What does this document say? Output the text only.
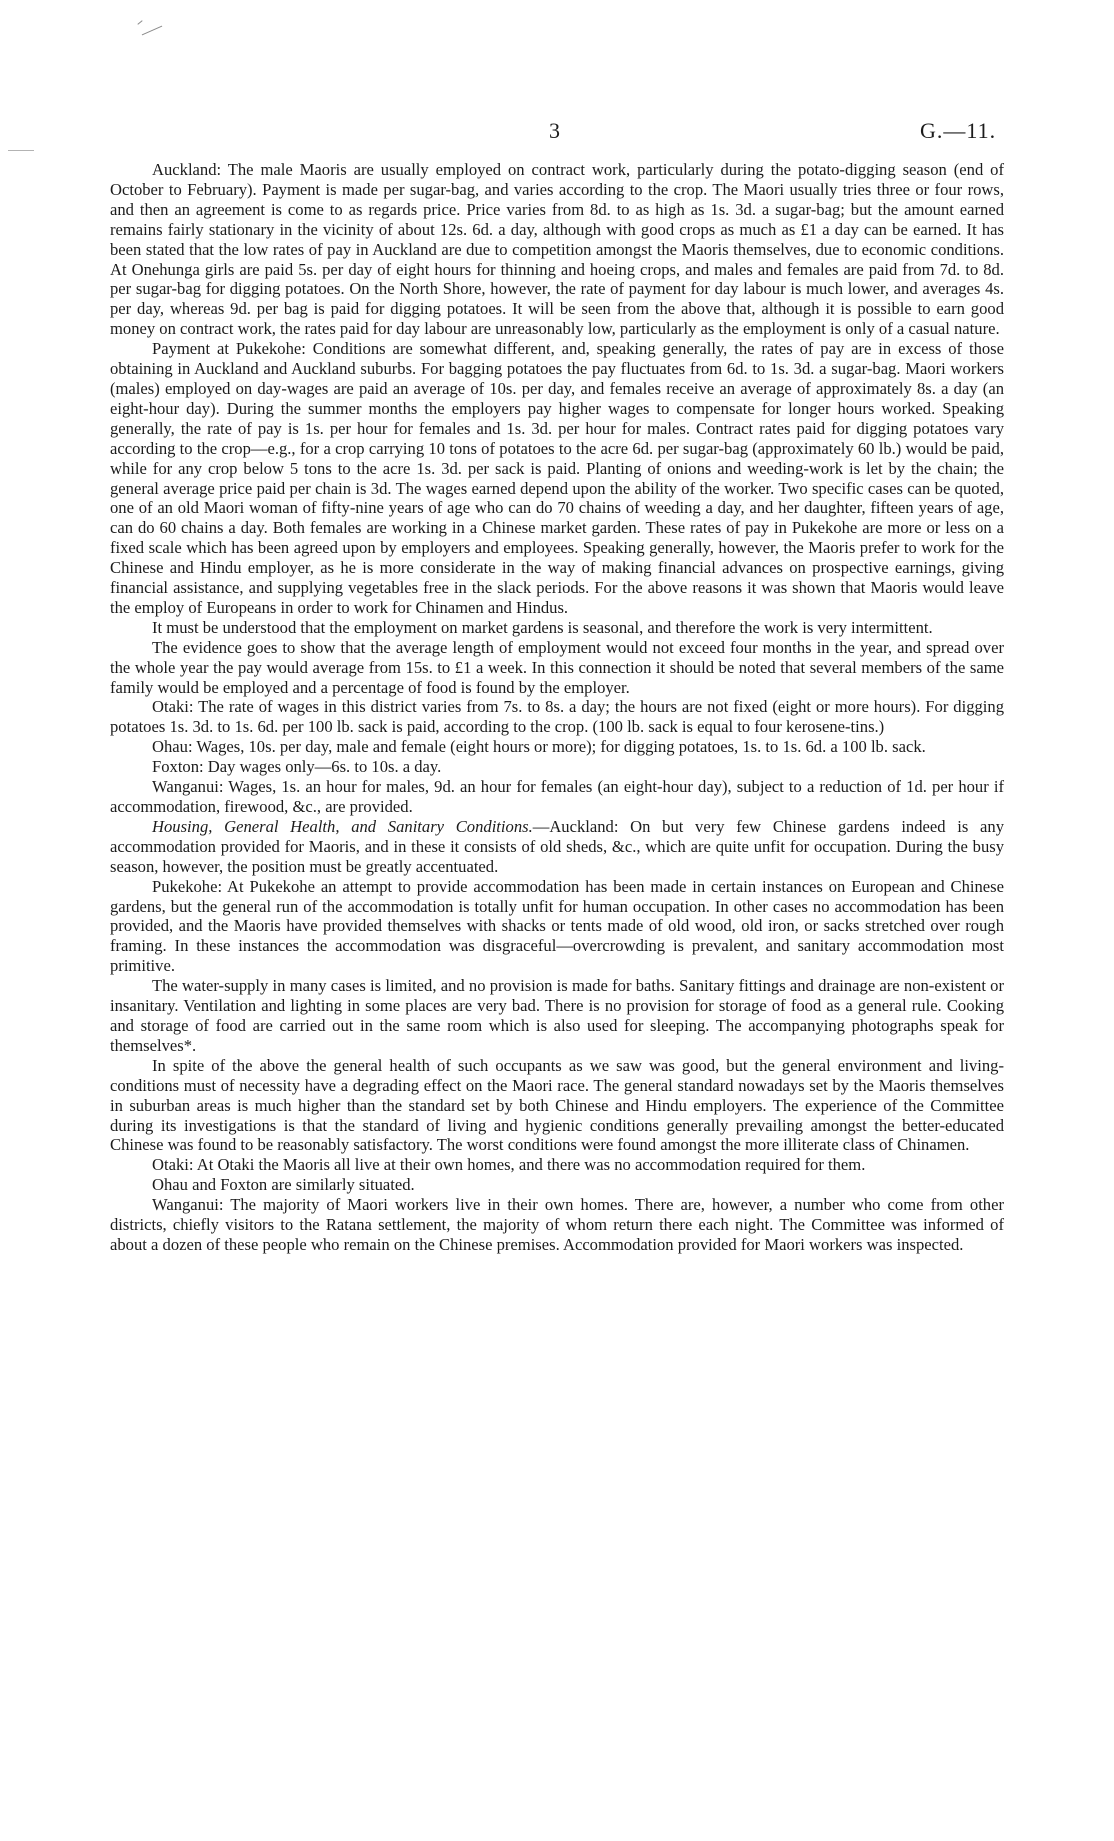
3	G.—11.

Auckland: The male Maoris are usually employed on contract work, particularly during the potato-digging season (end of October to February). Payment is made per sugar-bag, and varies according to the crop. The Maori usually tries three or four rows, and then an agreement is come to as regards price. Price varies from 8d. to as high as 1s. 3d. a sugar-bag; but the amount earned remains fairly stationary in the vicinity of about 12s. 6d. a day, although with good crops as much as £1 a day can be earned. It has been stated that the low rates of pay in Auckland are due to competition amongst the Maoris themselves, due to economic conditions. At Onehunga girls are paid 5s. per day of eight hours for thinning and hoeing crops, and males and females are paid from 7d. to 8d. per sugar-bag for digging potatoes. On the North Shore, however, the rate of payment for day labour is much lower, and averages 4s. per day, whereas 9d. per bag is paid for digging potatoes. It will be seen from the above that, although it is possible to earn good money on contract work, the rates paid for day labour are unreasonably low, particularly as the employment is only of a casual nature.

Payment at Pukekohe: Conditions are somewhat different, and, speaking generally, the rates of pay are in excess of those obtaining in Auckland and Auckland suburbs. For bagging potatoes the pay fluctuates from 6d. to 1s. 3d. a sugar-bag. Maori workers (males) employed on day-wages are paid an average of 10s. per day, and females receive an average of approximately 8s. a day (an eight-hour day). During the summer months the employers pay higher wages to compensate for longer hours worked. Speaking generally, the rate of pay is 1s. per hour for females and 1s. 3d. per hour for males. Contract rates paid for digging potatoes vary according to the crop—e.g., for a crop carrying 10 tons of potatoes to the acre 6d. per sugar-bag (approximately 60 lb.) would be paid, while for any crop below 5 tons to the acre 1s. 3d. per sack is paid. Planting of onions and weeding-work is let by the chain; the general average price paid per chain is 3d. The wages earned depend upon the ability of the worker. Two specific cases can be quoted, one of an old Maori woman of fifty-nine years of age who can do 70 chains of weeding a day, and her daughter, fifteen years of age, can do 60 chains a day. Both females are working in a Chinese market garden. These rates of pay in Pukekohe are more or less on a fixed scale which has been agreed upon by employers and employees. Speaking generally, however, the Maoris prefer to work for the Chinese and Hindu employer, as he is more considerate in the way of making financial advances on prospective earnings, giving financial assistance, and supplying vegetables free in the slack periods. For the above reasons it was shown that Maoris would leave the employ of Europeans in order to work for Chinamen and Hindus.

It must be understood that the employment on market gardens is seasonal, and therefore the work is very intermittent.

The evidence goes to show that the average length of employment would not exceed four months in the year, and spread over the whole year the pay would average from 15s. to £1 a week. In this connection it should be noted that several members of the same family would be employed and a percentage of food is found by the employer.

Otaki: The rate of wages in this district varies from 7s. to 8s. a day; the hours are not fixed (eight or more hours). For digging potatoes 1s. 3d. to 1s. 6d. per 100 lb. sack is paid, according to the crop. (100 lb. sack is equal to four kerosene-tins.)

Ohau: Wages, 10s. per day, male and female (eight hours or more); for digging potatoes, 1s. to 1s. 6d. a 100 lb. sack.

Foxton: Day wages only—6s. to 10s. a day.

Wanganui: Wages, 1s. an hour for males, 9d. an hour for females (an eight-hour day), subject to a reduction of 1d. per hour if accommodation, firewood, &c., are provided.

Housing, General Health, and Sanitary Conditions.—Auckland: On but very few Chinese gardens indeed is any accommodation provided for Maoris, and in these it consists of old sheds, &c., which are quite unfit for occupation. During the busy season, however, the position must be greatly accentuated.

Pukekohe: At Pukekohe an attempt to provide accommodation has been made in certain instances on European and Chinese gardens, but the general run of the accommodation is totally unfit for human occupation. In other cases no accommodation has been provided, and the Maoris have provided themselves with shacks or tents made of old wood, old iron, or sacks stretched over rough framing. In these instances the accommodation was disgraceful—overcrowding is prevalent, and sanitary accommodation most primitive.

The water-supply in many cases is limited, and no provision is made for baths. Sanitary fittings and drainage are non-existent or insanitary. Ventilation and lighting in some places are very bad. There is no provision for storage of food as a general rule. Cooking and storage of food are carried out in the same room which is also used for sleeping. The accompanying photographs speak for themselves*.

In spite of the above the general health of such occupants as we saw was good, but the general environment and living-conditions must of necessity have a degrading effect on the Maori race. The general standard nowadays set by the Maoris themselves in suburban areas is much higher than the standard set by both Chinese and Hindu employers. The experience of the Committee during its investigations is that the standard of living and hygienic conditions generally prevailing amongst the better-educated Chinese was found to be reasonably satisfactory. The worst conditions were found amongst the more illiterate class of Chinamen.

Otaki: At Otaki the Maoris all live at their own homes, and there was no accommodation required for them.

Ohau and Foxton are similarly situated.

Wanganui: The majority of Maori workers live in their own homes. There are, however, a number who come from other districts, chiefly visitors to the Ratana settlement, the majority of whom return there each night. The Committee was informed of about a dozen of these people who remain on the Chinese premises. Accommodation provided for Maori workers was inspected.
